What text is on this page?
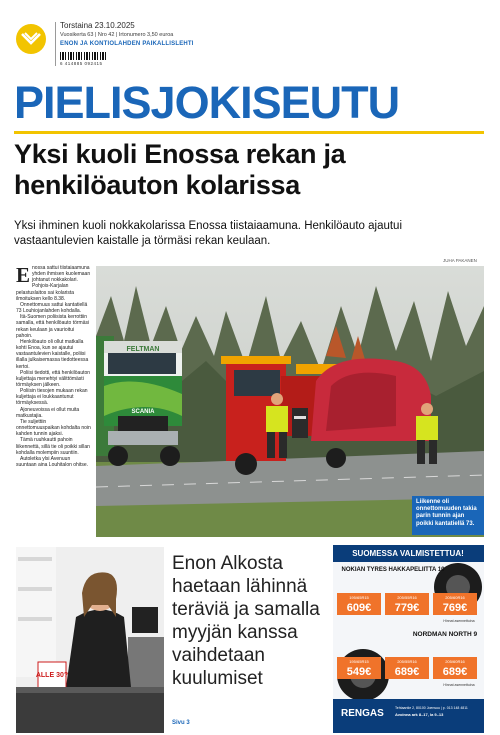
Torstaina 23.10.2025
Vuosikerta 63 | Nro 42 | Irtonumero 3,50 euroa
ENON JA KONTIOLAHDEN PAIKALLISLEHTI
6 414885 092415
PIELISJOKISEUTU
Yksi kuoli Enossa rekan ja henkilöauton kolarissa
Yksi ihminen kuoli nokkakolarissa Enossa tiistaiaamuna. Henkilöauto ajautui vastaantulevien kaistalle ja törmäsi rekan keulaan.
E nossa sattui tiistaiaamuna yhden ihmisen kuolemaan johtanut nokkakolari. Pohjois-Karjalan pelastuslaitos sai kolarista ilmoituksen kello 8.38.

Onnettomuus sattui kantatiellä 73 Louhiojanlahden kohdalla.

Itä-Suomen poliisista kerrottiin samalla, että henkilöauto törmäsi rekan keulaan ja vaurioitui pahoin.

Henkilöauto oli ollut matkalla kohti Enoa, kun se ajautui vastaantulevien kaistalle, poliisi illalla julkaisemassa tiedotteessa kertoi.

Poliisi tiedotti, että henkilöauton kuljettaja menehtyi välittömästi törmäyksen jälkeen.

Poliisin tiesojen mukaan rekan kuljettaja ei loukkaantunut törmäyksessä.

Ajoneuvoissa ei ollut muita matkustajia.

Tie suljettiin onnettomuuspaikan kohdalta noin kahden tunnin ajaksi.

Tämä ruuhkautti pahoin liikennettä, sillä tie oli poikki sillan kohdalla molempiin suuntiin.

Autoletka ylsi Avenuun suuntaan aina Louhitalon ohitse.

JUHA PAKANEN
FELTMAN
SCANIA
Liikenne oli onnettomuuden takia parin tunnin ajan poikki kantatiellä 73.
ALLE 30?
Enon Alkosta haetaan lähinnä teräviä ja samalla myyjän kanssa vaihdetaan kuulumiset
Sivu 3
SUOMESSA VALMISTETTUA!
NOKIAN TYRES HAKKAPELIITTA 10
195/65R15
609€
205/55R16
779€
205/60R16
769€
Hinnat asennettuina
NORDMAN NORTH 9
195/65R15
549€
205/55R16
689€
205/60R16
689€
Hinnat asennettuina
RENGAS	Tehtaantie 2, 80100 Joensuu | p. 013 148 4811
Avoinna ark 8–17, la 9–13
